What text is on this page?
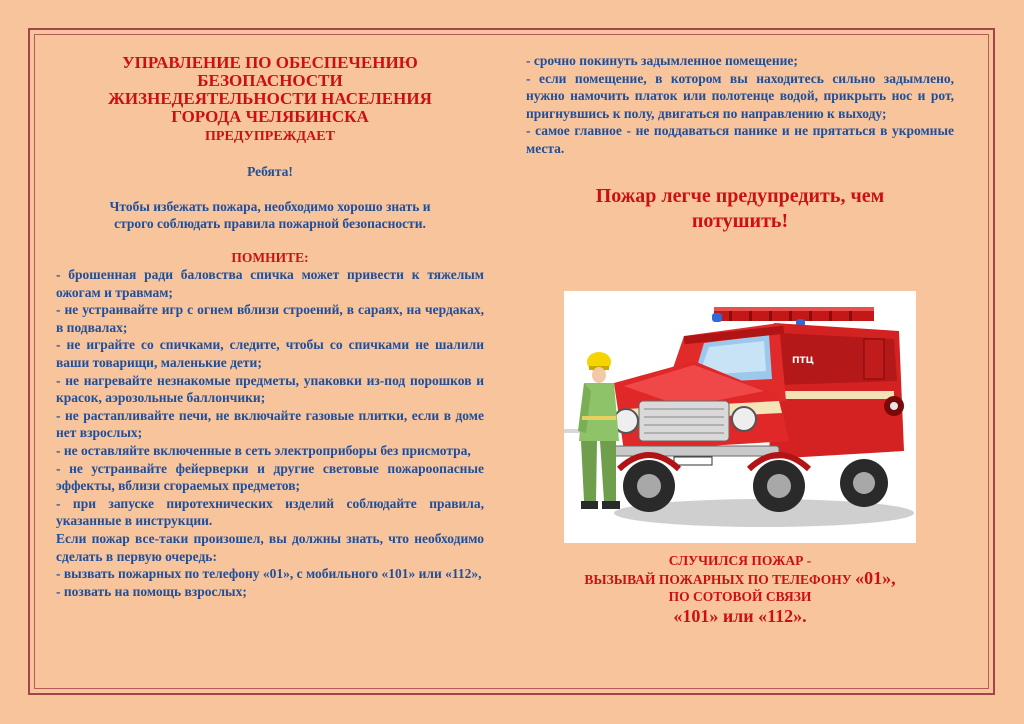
УПРАВЛЕНИЕ ПО ОБЕСПЕЧЕНИЮ

БЕЗОПАСНОСТИ

ЖИЗНЕДЕЯТЕЛЬНОСТИ НАСЕЛЕНИЯ

ГОРОДА ЧЕЛЯБИНСКА

ПРЕДУПРЕЖДАЕТ

Ребята!

Чтобы избежать пожара, необходимо хорошо знать и
строго соблюдать правила пожарной безопасности.

ПОМНИТЕ:

- брошенная ради баловства спичка может привести к тяжелым ожогам и травмам;

- не устраивайте игр с огнем вблизи строений, в сараях, на чердаках, в подвалах;

- не играйте со спичками, следите, чтобы со спичками не шалили ваши товарищи, маленькие дети;

- не нагревайте незнакомые предметы, упаковки из-под порошков и красок, аэрозольные баллончики;

- не растапливайте печи, не включайте газовые плитки, если в доме нет взрослых;

- не оставляйте включенные в сеть электроприборы без присмотра,

- не устраивайте фейерверки и другие световые пожароопасные эффекты, вблизи сгораемых предметов;

- при запуске пиротехнических изделий соблюдайте правила, указанные в инструкции.

Если пожар все-таки произошел, вы должны знать, что необходимо сделать в первую очередь:

- вызвать пожарных по телефону «01», с мобильного «101» или «112»,

- позвать на помощь взрослых;

- срочно покинуть задымленное помещение;

- если помещение, в котором вы находитесь сильно задымлено, нужно намочить платок или полотенце водой, прикрыть нос и рот, пригнувшись к полу, двигаться по направлению к выходу;

- самое главное - не поддаваться панике и не прятаться в укромные места.

Пожар легче предупредить, чем
потушить!
ПТЦ
СЛУЧИЛСЯ ПОЖАР -
ВЫЗЫВАЙ ПОЖАРНЫХ ПО ТЕЛЕФОНУ «01»,
ПО СОТОВОЙ СВЯЗИ
«101» или «112».
